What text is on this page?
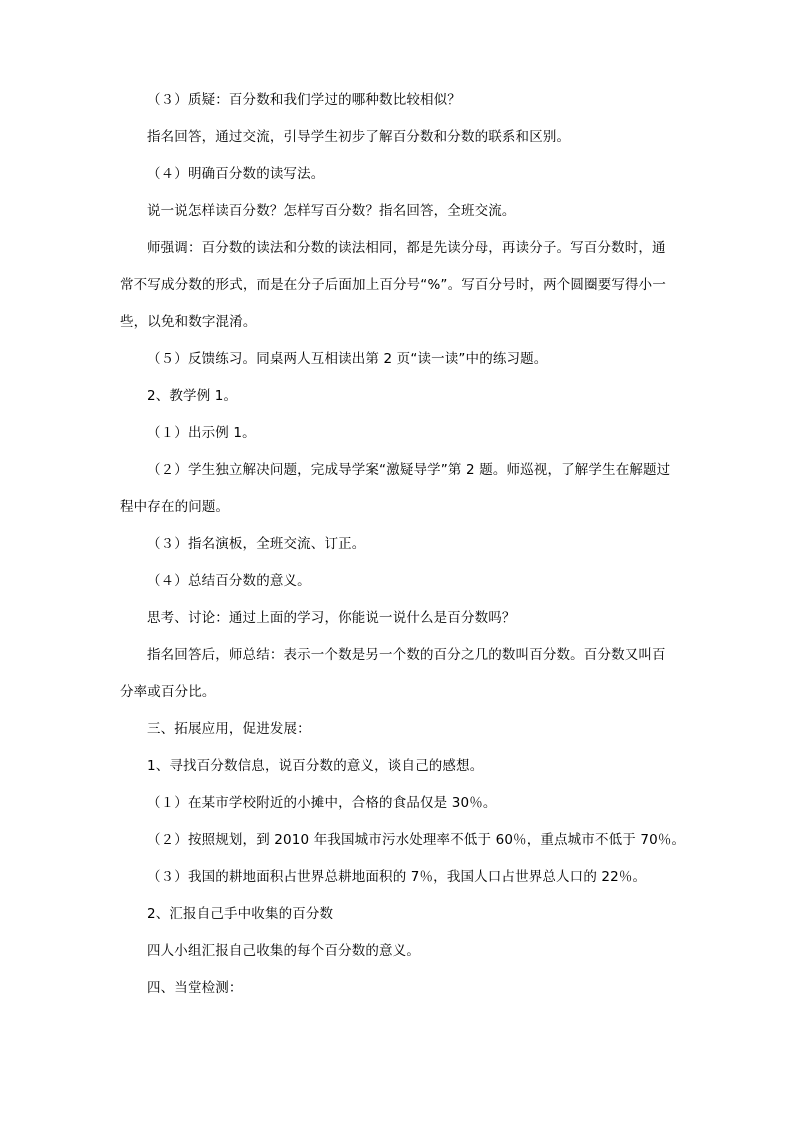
（３）质疑：百分数和我们学过的哪种数比较相似？

指名回答，通过交流，引导学生初步了解百分数和分数的联系和区别。

（４）明确百分数的读写法。

说一说怎样读百分数？怎样写百分数？指名回答，全班交流。

师强调：百分数的读法和分数的读法相同，都是先读分母，再读分子。写百分数时，通

常不写成分数的形式，而是在分子后面加上百分号“%”。写百分号时，两个圆圈要写得小一

些，以免和数字混淆。

（５）反馈练习。同桌两人互相读出第 2 页“读一读”中的练习题。

2、教学例 1。

（１）出示例 1。

（２）学生独立解决问题，完成导学案“激疑导学”第 2 题。师巡视，了解学生在解题过

程中存在的问题。

（３）指名演板，全班交流、订正。

（４）总结百分数的意义。

思考、讨论：通过上面的学习，你能说一说什么是百分数吗？

指名回答后，师总结：表示一个数是另一个数的百分之几的数叫百分数。百分数又叫百

分率或百分比。

三、拓展应用，促进发展：

1、寻找百分数信息，说百分数的意义，谈自己的感想。

（１）在某市学校附近的小摊中，合格的食品仅是 30％。

（２）按照规划，到 2010 年我国城市污水处理率不低于 60％，重点城市不低于 70％。

（３）我国的耕地面积占世界总耕地面积的 7％，我国人口占世界总人口的 22％。

2、汇报自己手中收集的百分数

四人小组汇报自己收集的每个百分数的意义。

四、当堂检测：
